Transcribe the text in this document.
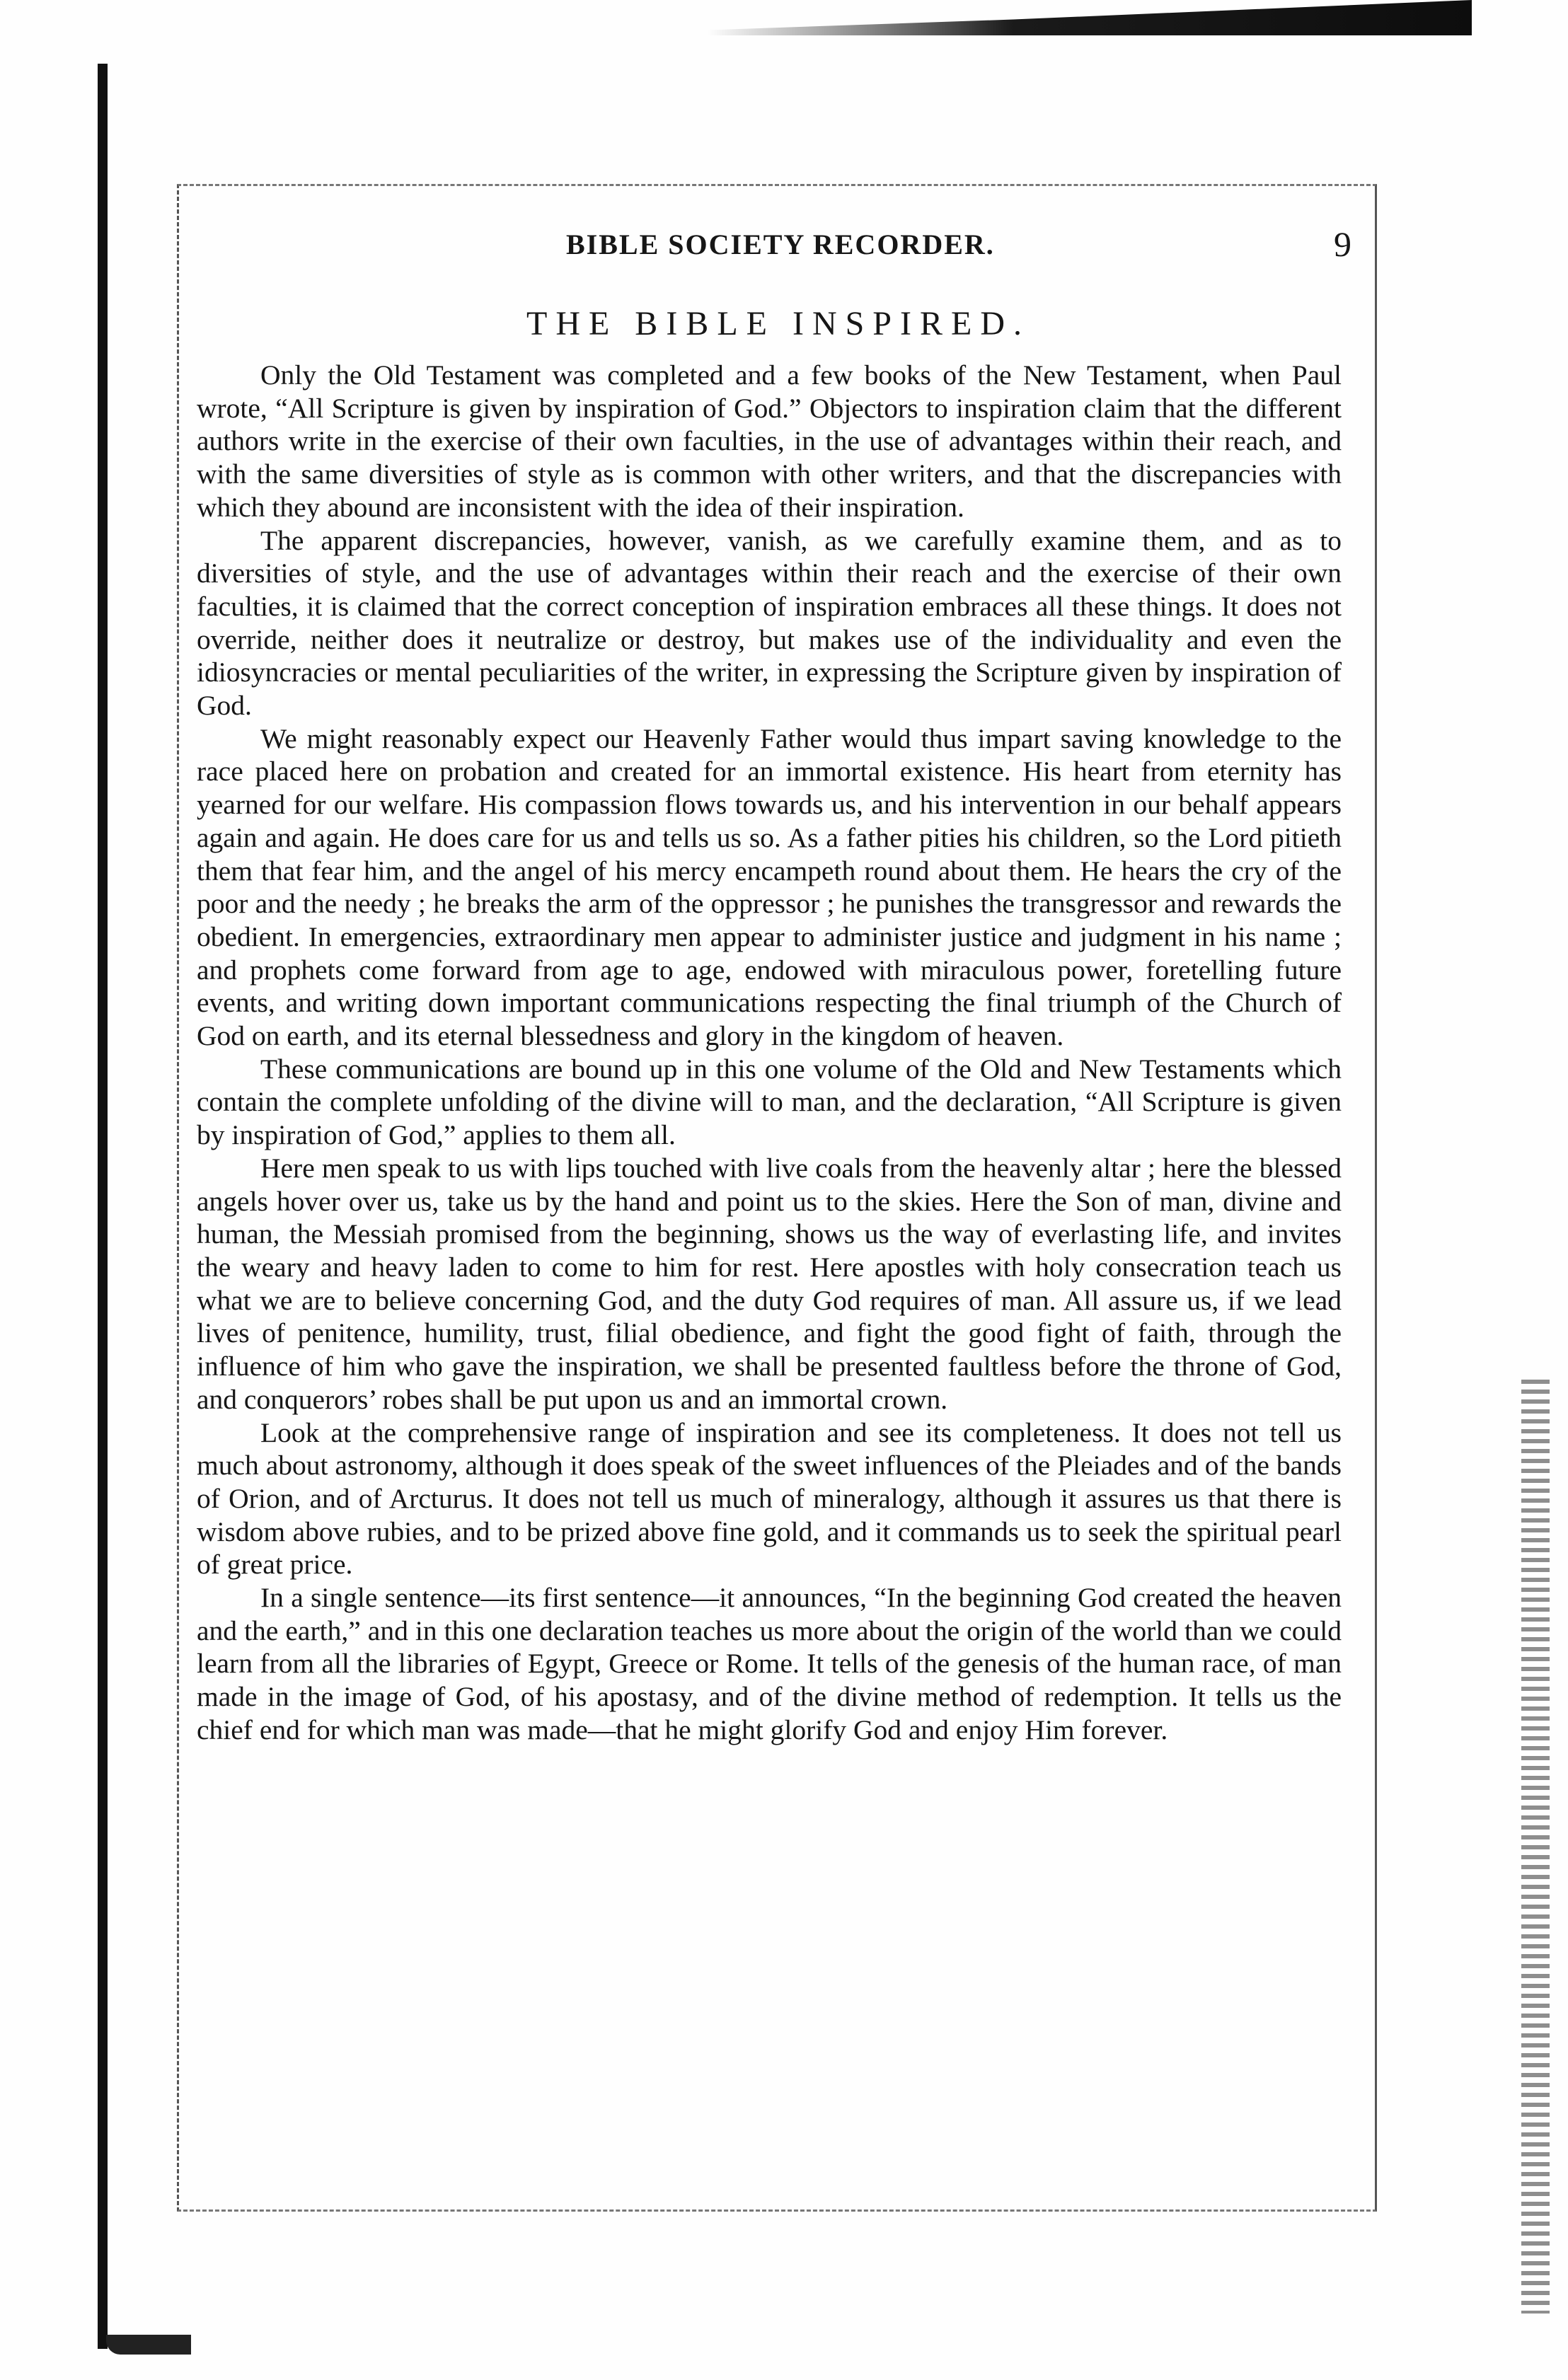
BIBLE SOCIETY RECORDER.	9
THE BIBLE INSPIRED.

Only the Old Testament was completed and a few books of the New Testament, when Paul wrote, “All Scripture is given by inspiration of God.” Objectors to inspiration claim that the different authors write in the exercise of their own faculties, in the use of advantages within their reach, and with the same diversities of style as is common with other writers, and that the discrepancies with which they abound are inconsistent with the idea of their inspiration.

The apparent discrepancies, however, vanish, as we carefully examine them, and as to diversities of style, and the use of advantages within their reach and the exercise of their own faculties, it is claimed that the correct conception of inspiration embraces all these things. It does not override, neither does it neutralize or destroy, but makes use of the individuality and even the idiosyncracies or mental peculiarities of the writer, in expressing the Scripture given by inspiration of God.

We might reasonably expect our Heavenly Father would thus impart saving knowledge to the race placed here on probation and created for an immortal existence. His heart from eternity has yearned for our welfare. His compassion flows towards us, and his intervention in our behalf appears again and again. He does care for us and tells us so. As a father pities his children, so the Lord pitieth them that fear him, and the angel of his mercy encampeth round about them. He hears the cry of the poor and the needy ; he breaks the arm of the oppressor ; he punishes the transgressor and rewards the obedient. In emergencies, extraordinary men appear to administer justice and judgment in his name ; and prophets come forward from age to age, endowed with miraculous power, foretelling future events, and writing down important communications respecting the final triumph of the Church of God on earth, and its eternal blessedness and glory in the kingdom of heaven.

These communications are bound up in this one volume of the Old and New Testaments which contain the complete unfolding of the divine will to man, and the declaration, “All Scripture is given by inspiration of God,” applies to them all.

Here men speak to us with lips touched with live coals from the heavenly altar ; here the blessed angels hover over us, take us by the hand and point us to the skies. Here the Son of man, divine and human, the Messiah promised from the beginning, shows us the way of everlasting life, and invites the weary and heavy laden to come to him for rest. Here apostles with holy consecration teach us what we are to believe concerning God, and the duty God requires of man. All assure us, if we lead lives of penitence, humility, trust, filial obedience, and fight the good fight of faith, through the influence of him who gave the inspiration, we shall be presented faultless before the throne of God, and conquerors’ robes shall be put upon us and an immortal crown.

Look at the comprehensive range of inspiration and see its completeness. It does not tell us much about astronomy, although it does speak of the sweet influences of the Pleiades and of the bands of Orion, and of Arcturus. It does not tell us much of mineralogy, although it assures us that there is wisdom above rubies, and to be prized above fine gold, and it commands us to seek the spiritual pearl of great price.

In a single sentence—its first sentence—it announces, “In the beginning God created the heaven and the earth,” and in this one declaration teaches us more about the origin of the world than we could learn from all the libraries of Egypt, Greece or Rome. It tells of the genesis of the human race, of man made in the image of God, of his apostasy, and of the divine method of redemption. It tells us the chief end for which man was made—that he might glorify God and enjoy Him forever.
